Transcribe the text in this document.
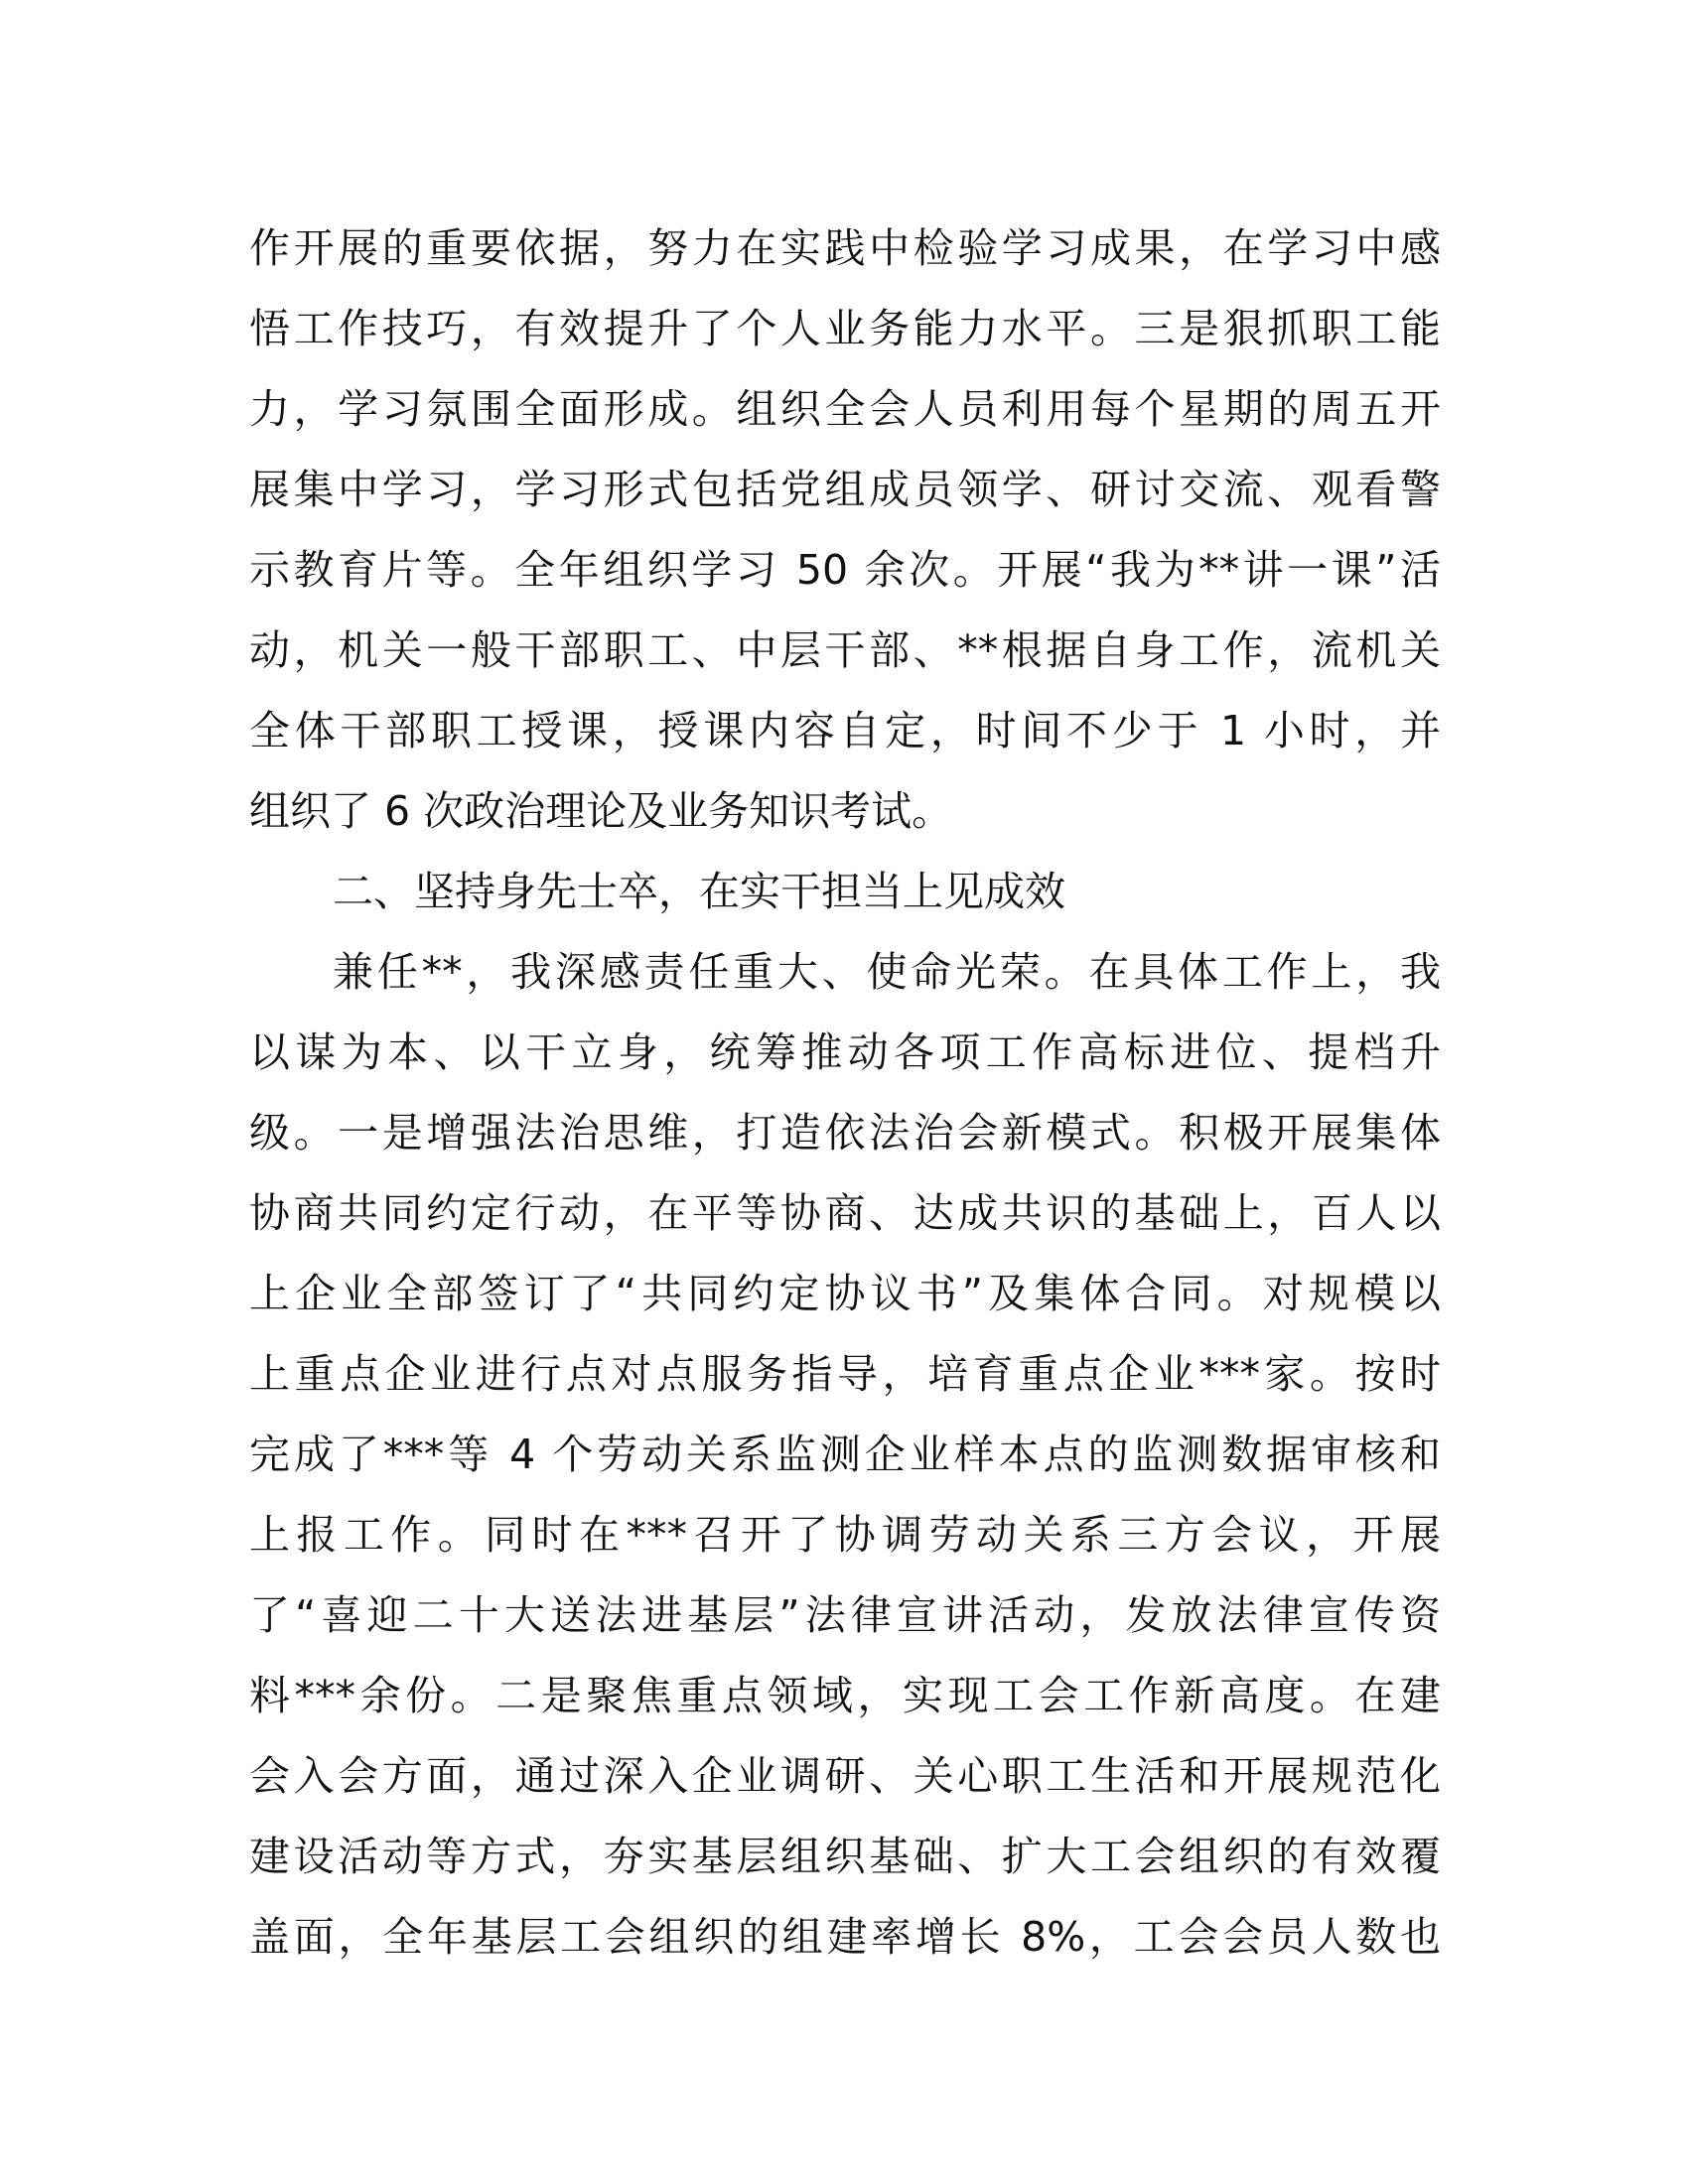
作开展的重要依据，努力在实践中检验学习成果，在学习中感
悟工作技巧，有效提升了个人业务能力水平。三是狠抓职工能
力，学习氛围全面形成。组织全会人员利用每个星期的周五开
展集中学习，学习形式包括党组成员领学、研讨交流、观看警
示教育片等。全年组织学习 50 余次。开展“我为**讲一课”活
动，机关一般干部职工、中层干部、**根据自身工作，流机关
全体干部职工授课，授课内容自定，时间不少于 1 小时，并
组织了 6 次政治理论及业务知识考试。
二、坚持身先士卒，在实干担当上见成效
兼任**，我深感责任重大、使命光荣。在具体工作上，我
以谋为本、以干立身，统筹推动各项工作高标进位、提档升
级。一是增强法治思维，打造依法治会新模式。积极开展集体
协商共同约定行动，在平等协商、达成共识的基础上，百人以
上企业全部签订了“共同约定协议书”及集体合同。对规模以
上重点企业进行点对点服务指导，培育重点企业***家。按时
完成了***等 4 个劳动关系监测企业样本点的监测数据审核和
上报工作。同时在***召开了协调劳动关系三方会议，开展
了“喜迎二十大送法进基层”法律宣讲活动，发放法律宣传资
料***余份。二是聚焦重点领域，实现工会工作新高度。在建
会入会方面，通过深入企业调研、关心职工生活和开展规范化
建设活动等方式，夯实基层组织基础、扩大工会组织的有效覆
盖面，全年基层工会组织的组建率增长 8%，工会会员人数也
